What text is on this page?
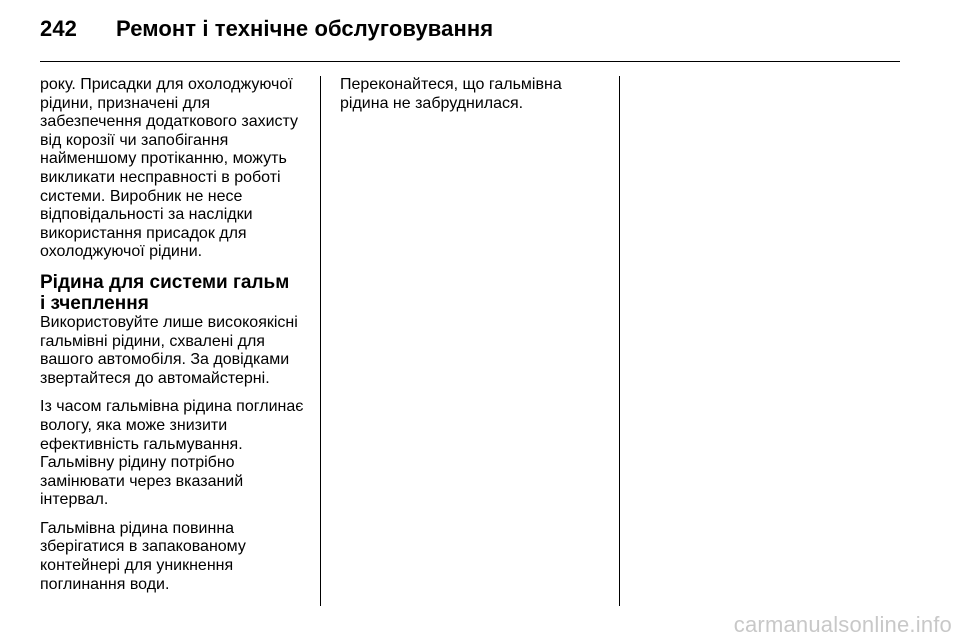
242	Ремонт і технічне обслуговування

року. Присадки для охолоджуючої
рідини, призначені для
забезпечення додаткового захисту
від корозії чи запобігання
найменшому протіканню, можуть
викликати несправності в роботі
системи. Виробник не несе
відповідальності за наслідки
використання присадок для
охолоджуючої рідини.

Рідина для системи гальм
і зчеплення

Використовуйте лише високоякісні
гальмівні рідини, схвалені для
вашого автомобіля. За довідками
звертайтеся до автомайстерні.

Із часом гальмівна рідина поглинає
вологу, яка може знизити
ефективність гальмування.
Гальмівну рідину потрібно
замінювати через вказаний
інтервал.

Гальмівна рідина повинна
зберігатися в запакованому
контейнері для уникнення
поглинання води.

Переконайтеся, що гальмівна
рідина не забруднилася.

carmanualsonline.info
